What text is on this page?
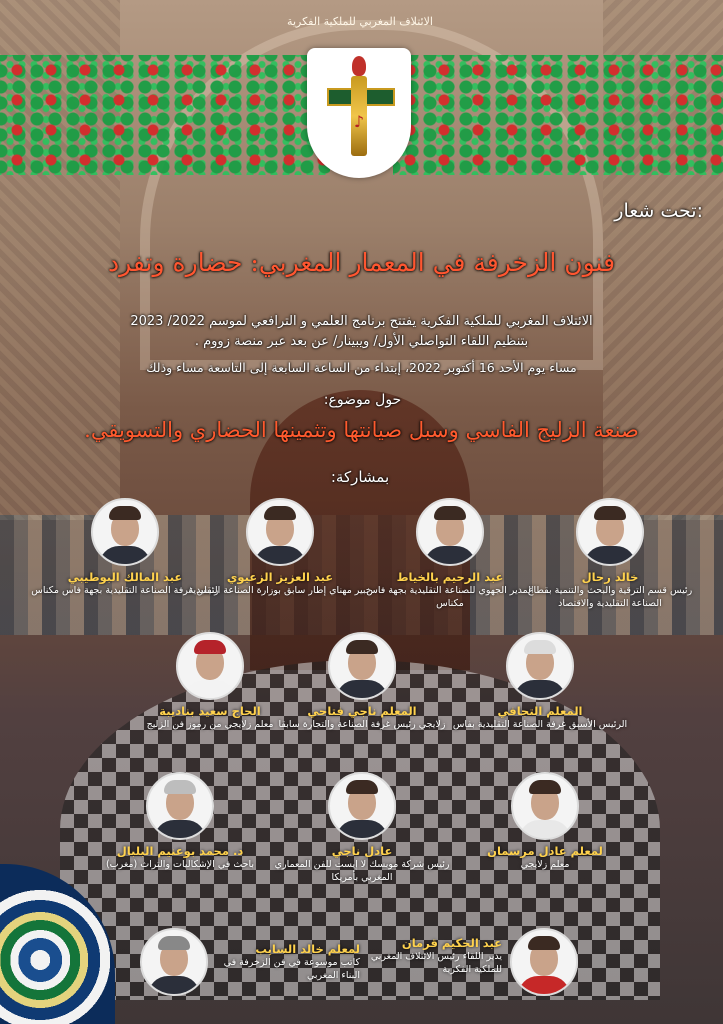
الائتلاف المغربي للملكية الفكرية
♪
تحت شعار:
فنون الزخرفة في المعمار المغربي: حضارة وتفرد
الائتلاف المغربي للملكية الفكرية يفتتح برنامج العلمي و الترافعي لموسم 2022/ 2023
بتنظيم اللقاء التواصلي الأول/ ويبينار/ عن بعد عبر منصة زووم .
مساء يوم الأحد 16 أكتوبر 2022، إبتداء من الساعة السابعة إلى التاسعة مساء وذلك
حول موضوع:
صنعة الزليج الفاسي وسبل صيانتها وتثمينها الحضاري والتسويقي.
بمشاركة:
عبد المالك البوطيبي
رئيس غرفة الصناعة التقليدية بجهة فاس مكناس
عبد العزيز الزعيوي
خبير مهناي إطار سابق بوزارة الصناعة التقليدية
عبد الرحيم بالخياط
المدير الجهوي للصناعة التقليدية بجهة فاس مكناس
خالد رحال
رئيس قسم الترقية والبحث والتنمية بقطاع الصناعة التقليدية والاقتصاد
الحاج سعيد بناديبة
معلم زلايجي من رموز فن الزليج
المعلم ناجي فتاحي
زلايجي رئيس غرفة الصناعة والتجارة سابقا
المعلم التجافي
الرئيس الأسبق غرفة الصناعة التقليدية بفاس
د. محمد بوعنيم البلبال
باحث في الإشكاليات والتراث (مغرب)
عادل ناجي
رئيس شركة موبسك لا إيست للفن المعماري المغربي بأمريكا
لمعلم عادل مرسمان
معلم زلايجي
لمعلم خالد السايب
كاتب موسوعة في فن الزخرفة في البناء المغربي
عبد الحكيم قرمان
يدير اللقاء رئيس الائتلاف المغربي للملكية الفكرية
